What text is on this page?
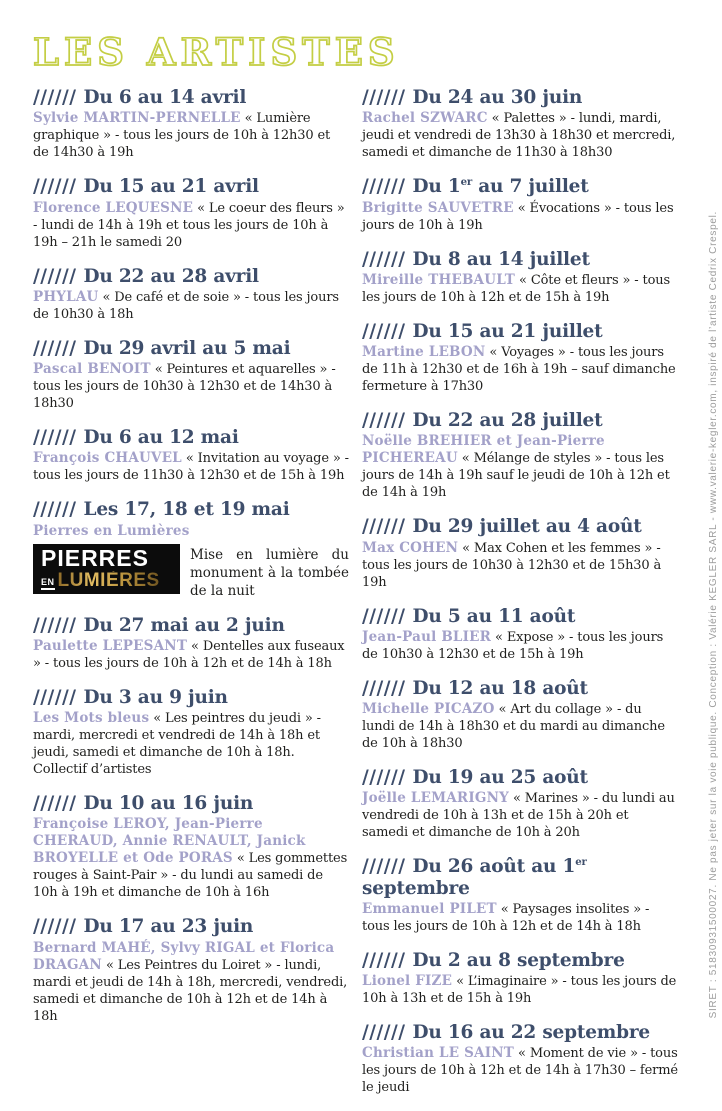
LES ARTISTES

////// Du 6 au 14 avril

Sylvie MARTIN-PERNELLE « Lumière graphique » - tous les jours de 10h à 12h30 et de 14h30 à 19h

////// Du 15 au 21 avril

Florence LEQUESNE « Le coeur des fleurs » - lundi de 14h à 19h et tous les jours de 10h à 19h – 21h le samedi 20

////// Du 22 au 28 avril

PHYLAU « De café et de soie » - tous les jours de 10h30 à 18h

////// Du 29 avril au 5 mai

Pascal BENOIT « Peintures et aquarelles » - tous les jours de 10h30 à 12h30 et de 14h30 à 18h30

////// Du 6 au 12 mai

François CHAUVEL « Invitation au voyage » - tous les jours de 11h30 à 12h30 et de 15h à 19h

////// Les 17, 18 et 19 mai

Pierres en Lumières

PIERRES
EN LUMIÈRES

Mise en lumière du monument à la tombée de la nuit

////// Du 27 mai au 2 juin

Paulette LEPESANT « Dentelles aux fuseaux » - tous les jours de 10h à 12h et de 14h à 18h

////// Du 3 au 9 juin

Les Mots bleus « Les peintres du jeudi » - mardi, mercredi et vendredi de 14h à 18h et jeudi, samedi et dimanche de 10h à 18h. Collectif d’artistes

////// Du 10 au 16 juin

Françoise LEROY, Jean-Pierre CHERAUD, Annie RENAULT, Janick BROYELLE et Ode PORAS « Les gommettes rouges à Saint-Pair » - du lundi au samedi de 10h à 19h et dimanche de 10h à 16h

////// Du 17 au 23 juin

Bernard MAHÉ, Sylvy RIGAL et Florica DRAGAN « Les Peintres du Loiret » - lundi, mardi et jeudi de 14h à 18h, mercredi, vendredi, samedi et dimanche de 10h à 12h et de 14h à 18h

////// Du 24 au 30 juin

Rachel SZWARC « Palettes » - lundi, mardi, jeudi et vendredi de 13h30 à 18h30 et mercredi, samedi et dimanche de 11h30 à 18h30

////// Du 1er au 7 juillet

Brigitte SAUVETRE « Évocations » - tous les jours de 10h à 19h

////// Du 8 au 14 juillet

Mireille THEBAULT « Côte et fleurs » - tous les jours de 10h à 12h et de 15h à 19h

////// Du 15 au 21 juillet

Martine LEBON « Voyages » - tous les jours de 11h à 12h30 et de 16h à 19h – sauf dimanche fermeture à 17h30

////// Du 22 au 28 juillet

Noëlle BREHIER et Jean-Pierre PICHEREAU « Mélange de styles » - tous les jours de 14h à 19h sauf le jeudi de 10h à 12h et de 14h à 19h

////// Du 29 juillet au 4 août

Max COHEN « Max Cohen et les femmes » - tous les jours de 10h30 à 12h30 et de 15h30 à 19h

////// Du 5 au 11 août

Jean-Paul BLIER « Expose » - tous les jours de 10h30 à 12h30 et de 15h à 19h

////// Du 12 au 18 août

Michelle PICAZO « Art du collage » - du lundi de 14h à 18h30 et du mardi au dimanche de 10h à 18h30

////// Du 19 au 25 août

Joëlle LEMARIGNY « Marines » - du lundi au vendredi de 10h à 13h et de 15h à 20h et samedi et dimanche de 10h à 20h

////// Du 26 août au 1er septembre

Emmanuel PILET « Paysages insolites » - tous les jours de 10h à 12h et de 14h à 18h

////// Du 2 au 8 septembre

Lionel FIZE « L’imaginaire » - tous les jours de 10h à 13h et de 15h à 19h

////// Du 16 au 22 septembre

Christian LE SAINT « Moment de vie » - tous les jours de 10h à 12h et de 14h à 17h30 – fermé le jeudi

SIRET : 51830931500027. Ne pas jeter sur la voie publique. Conception : Valérie KEGLER SARL - www.valerie-kegler.com, inspiré de l’artiste Cedrix Crespel.
